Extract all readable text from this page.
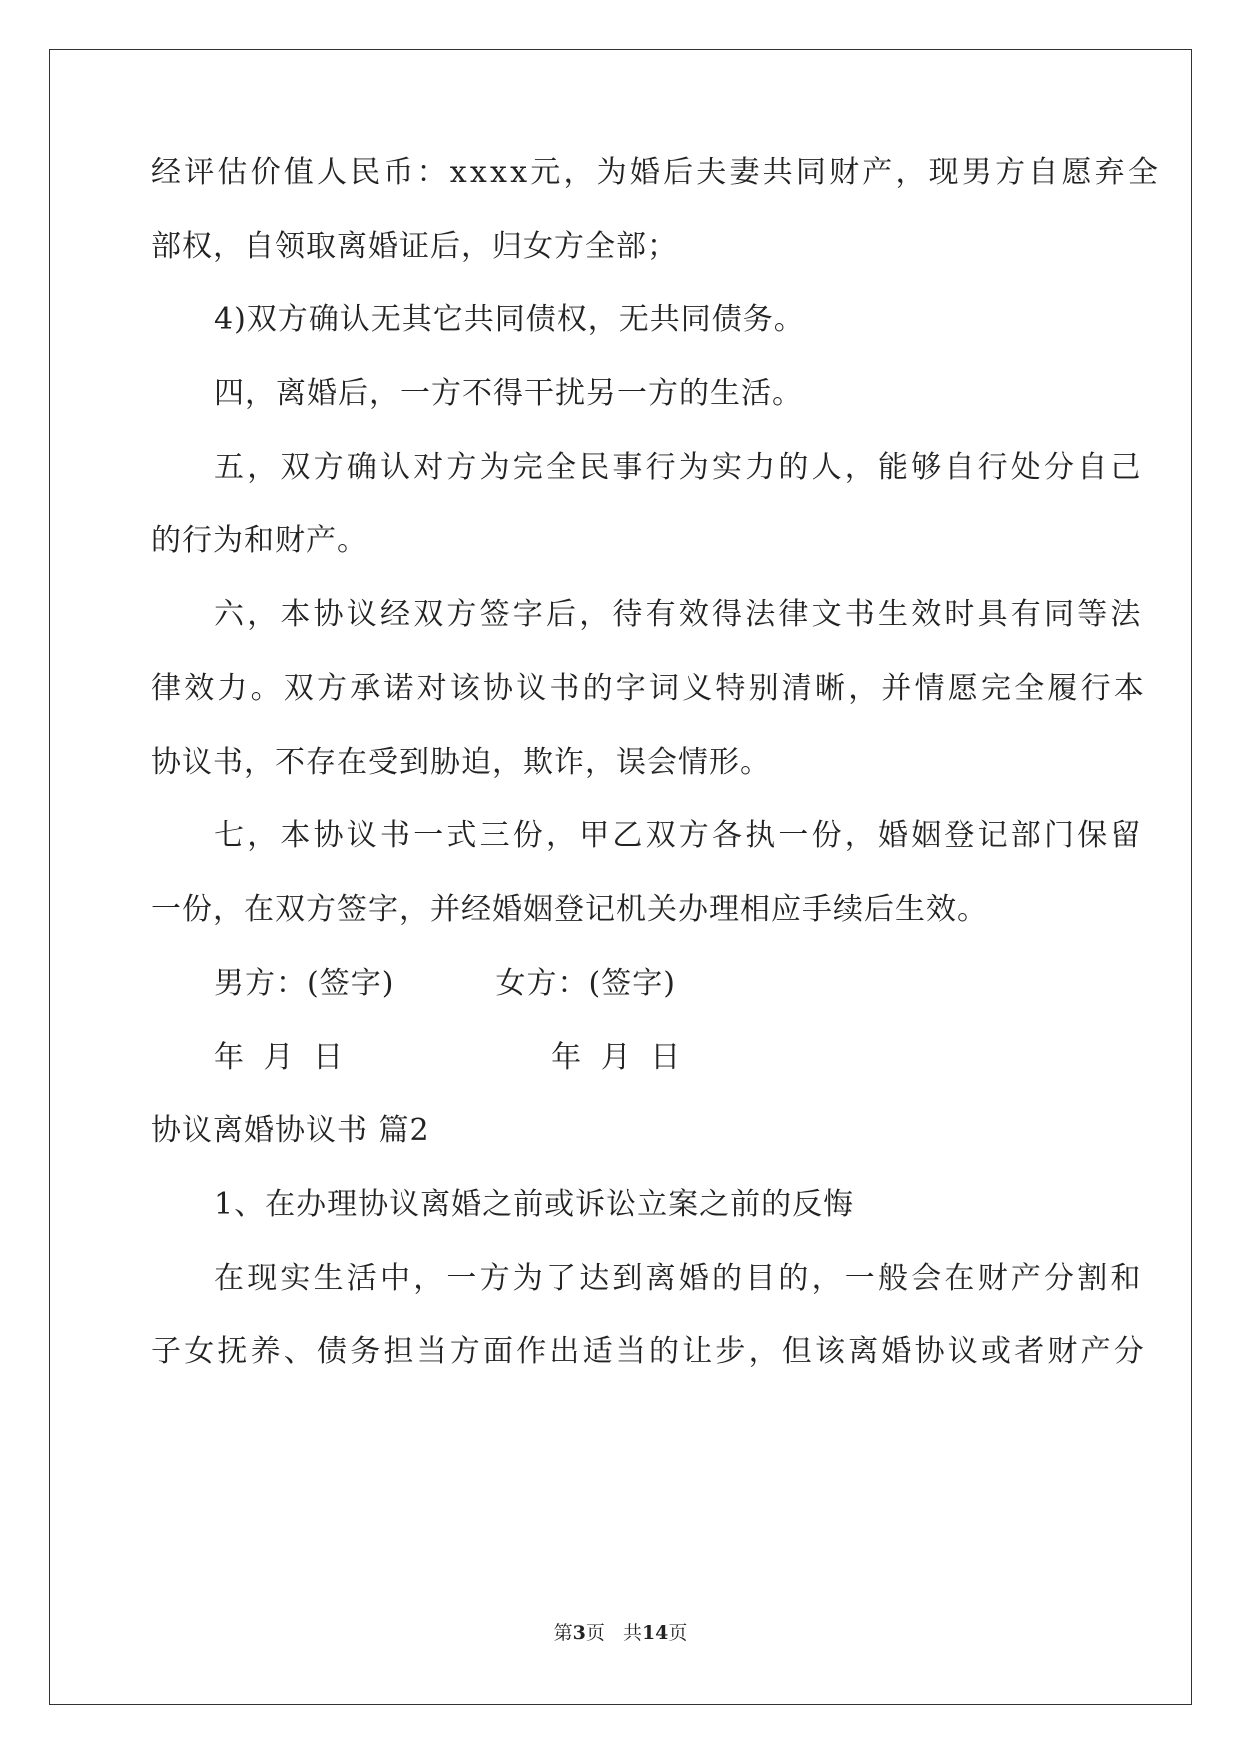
经评估价值人民币：xxxx元，为婚后夫妻共同财产，现男方自愿弃全
部权，自领取离婚证后，归女方全部；
4)双方确认无其它共同债权，无共同债务。
四，离婚后，一方不得干扰另一方的生活。
五，双方确认对方为完全民事行为实力的人，能够自行处分自己
的行为和财产。
六，本协议经双方签字后，待有效得法律文书生效时具有同等法
律效力。双方承诺对该协议书的字词义特别清晰，并情愿完全履行本
协议书，不存在受到胁迫，欺诈，误会情形。
七，本协议书一式三份，甲乙双方各执一份，婚姻登记部门保留
一份，在双方签字，并经婚姻登记机关办理相应手续后生效。
男方：(签字)	女方：(签字)
年 月 日	年 月 日
协议离婚协议书 篇2
1、在办理协议离婚之前或诉讼立案之前的反悔
在现实生活中，一方为了达到离婚的目的，一般会在财产分割和
子女抚养、债务担当方面作出适当的让步，但该离婚协议或者财产分
第3页   共14页
